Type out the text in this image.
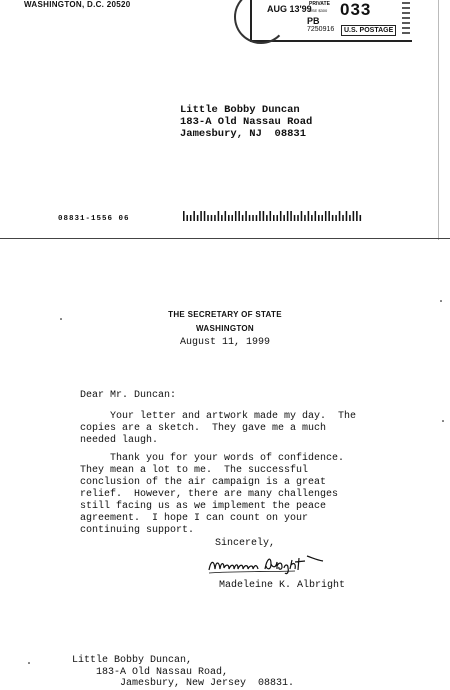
WASHINGTON, D.C. 20520	AUG 13'99
PRIVATE
USE $300 033
PB
7250916	U.S. POSTAGE
Little Bobby Duncan
183-A Old Nassau Road
Jamesbury, NJ  08831
08831-1556 06
THE SECRETARY OF STATE
WASHINGTON
August 11, 1999
Dear Mr. Duncan:
Your letter and artwork made my day.  The
copies are a sketch.  They gave me a much
needed laugh.
Thank you for your words of confidence.
They mean a lot to me.  The successful
conclusion of the air campaign is a great
relief.  However, there are many challenges
still facing us as we implement the peace
agreement.  I hope I can count on your
continuing support.
Sincerely,
Madeleine K. Albright
Little Bobby Duncan,
183-A Old Nassau Road,
Jamesbury, New Jersey  08831.
